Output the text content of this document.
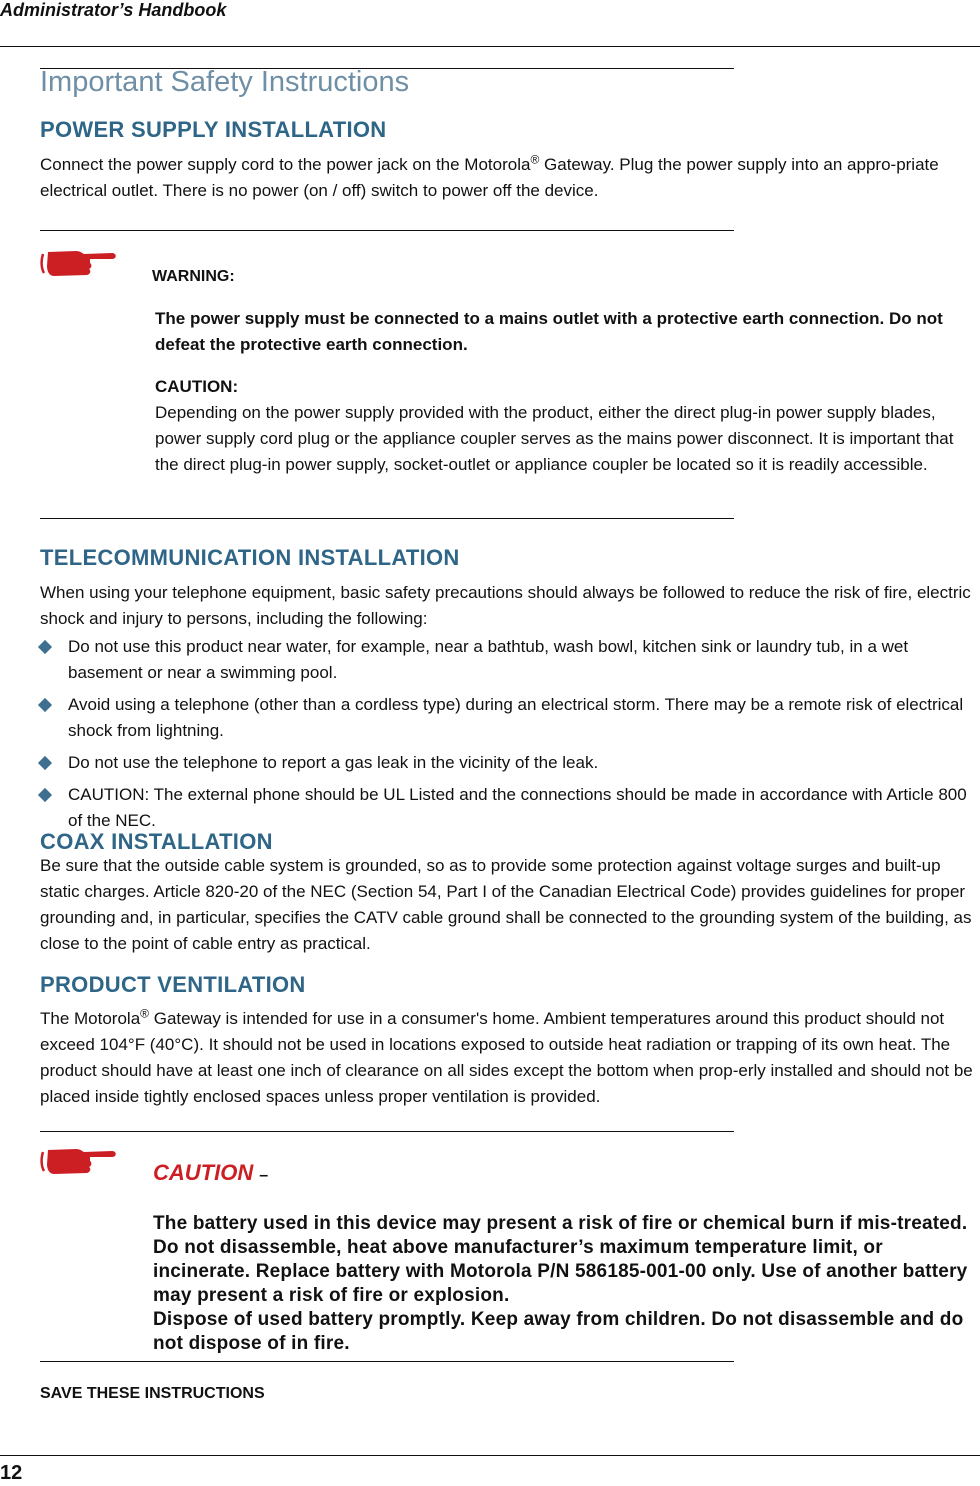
Administrator’s Handbook
Important Safety Instructions
POWER SUPPLY INSTALLATION
Connect the power supply cord to the power jack on the Motorola® Gateway. Plug the power supply into an appro-priate electrical outlet. There is no power (on / off) switch to power off the device.
WARNING:
The power supply must be connected to a mains outlet with a protective earth connection. Do not defeat the protective earth connection.
CAUTION:
Depending on the power supply provided with the product, either the direct plug-in power supply blades, power supply cord plug or the appliance coupler serves as the mains power disconnect. It is important that the direct plug-in power supply, socket-outlet or appliance coupler be located so it is readily accessible.
TELECOMMUNICATION INSTALLATION
When using your telephone equipment, basic safety precautions should always be followed to reduce the risk of fire, electric shock and injury to persons, including the following:
Do not use this product near water, for example, near a bathtub, wash bowl, kitchen sink or laundry tub, in a wet basement or near a swimming pool.
Avoid using a telephone (other than a cordless type) during an electrical storm. There may be a remote risk of electrical shock from lightning.
Do not use the telephone to report a gas leak in the vicinity of the leak.
CAUTION: The external phone should be UL Listed and the connections should be made in accordance with Article 800 of the NEC.
COAX INSTALLATION
Be sure that the outside cable system is grounded, so as to provide some protection against voltage surges and built-up static charges. Article 820-20 of the NEC (Section 54, Part I of the Canadian Electrical Code) provides guidelines for proper grounding and, in particular, specifies the CATV cable ground shall be connected to the grounding system of the building, as close to the point of cable entry as practical.
PRODUCT VENTILATION
The Motorola® Gateway is intended for use in a consumer's home. Ambient temperatures around this product should not exceed 104°F (40°C). It should not be used in locations exposed to outside heat radiation or trapping of its own heat. The product should have at least one inch of clearance on all sides except the bottom when prop-erly installed and should not be placed inside tightly enclosed spaces unless proper ventilation is provided.
CAUTION –
The battery used in this device may present a risk of fire or chemical burn if mis-treated. Do not disassemble, heat above manufacturer’s maximum temperature limit, or incinerate. Replace battery with Motorola P/N 586185-001-00 only. Use of another battery may present a risk of fire or explosion.
Dispose of used battery promptly. Keep away from children. Do not disassemble and do not dispose of in fire.
SAVE THESE INSTRUCTIONS
12
